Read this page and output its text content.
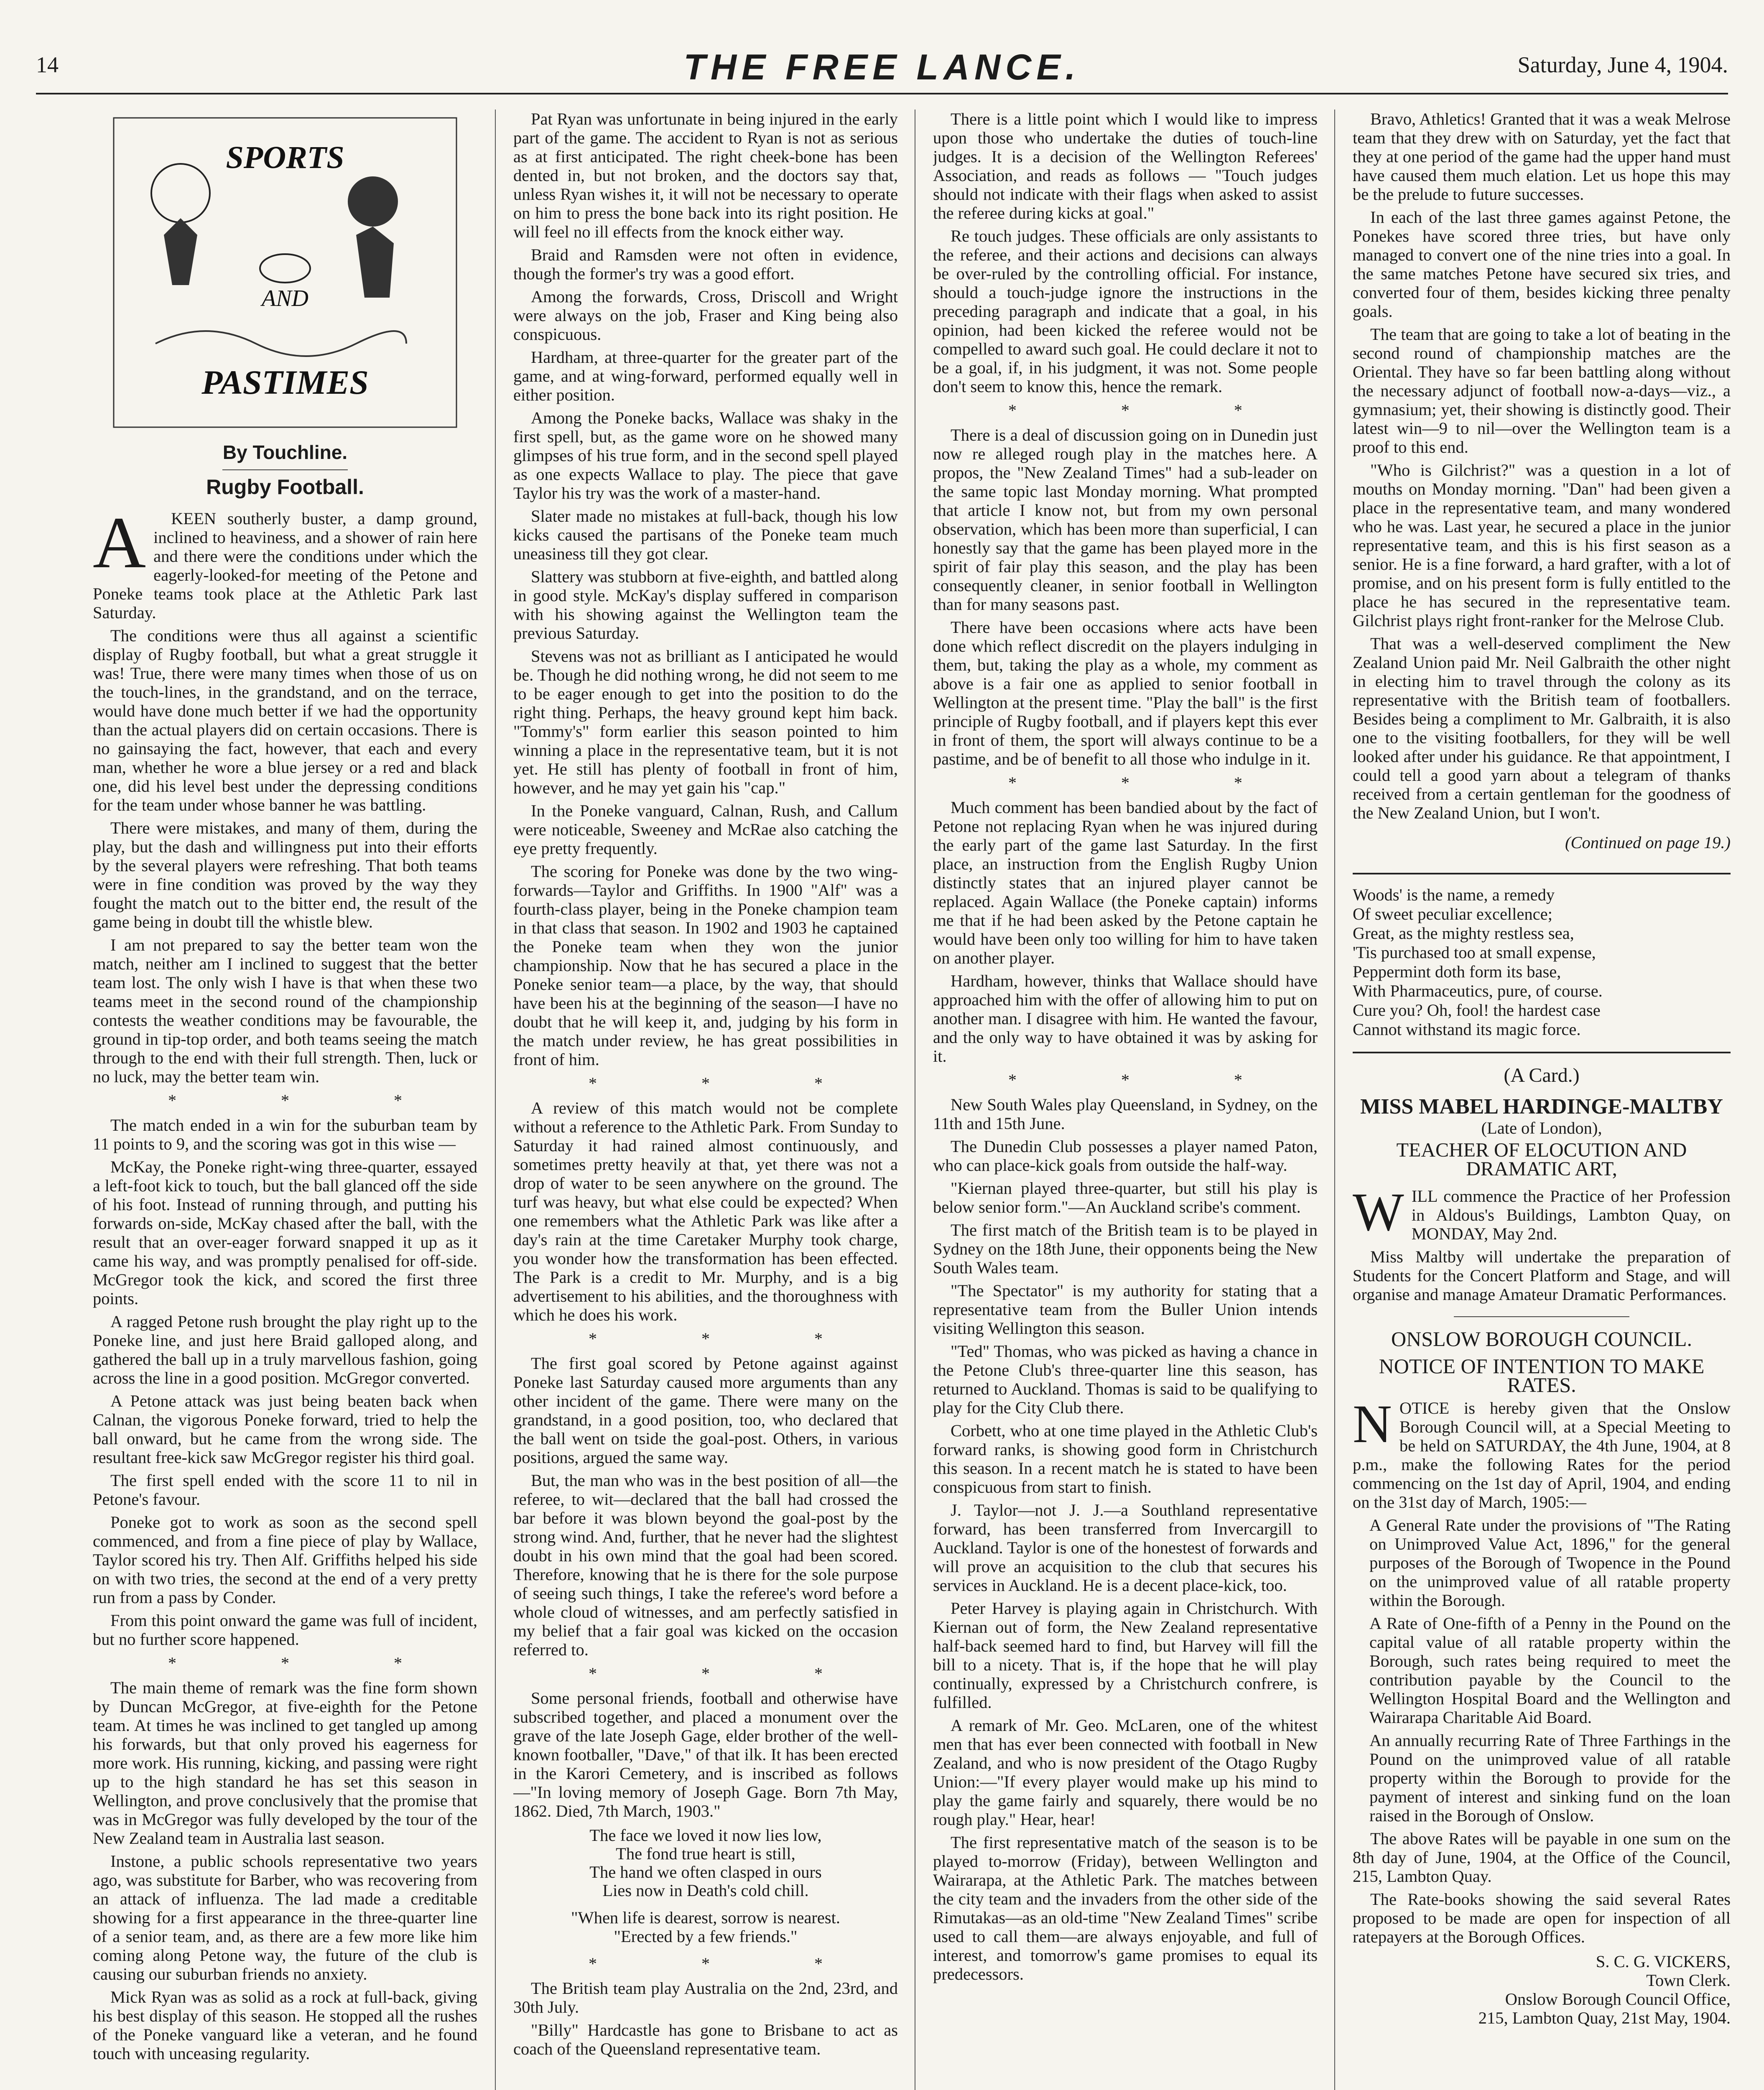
14	THE FREE LANCE.	Saturday, June 4, 1904.
SPORTS
AND
PASTIMES
By Touchline.
Rugby Football.
A	KEEN southerly buster, a damp ground, inclined to heaviness, and a shower of rain here and there were the conditions under which the eagerly-looked-for meeting of the Petone and Poneke teams took place at the Athletic Park last Saturday.

The conditions were thus all against a scientific display of Rugby football, but what a great struggle it was! True, there were many times when those of us on the touch-lines, in the grandstand, and on the terrace, would have done much better if we had the opportunity than the actual players did on certain occasions. There is no gainsaying the fact, however, that each and every man, whether he wore a blue jersey or a red and black one, did his level best under the depressing conditions for the team under whose banner he was battling.

There were mistakes, and many of them, during the play, but the dash and willingness put into their efforts by the several players were refreshing. That both teams were in fine condition was proved by the way they fought the match out to the bitter end, the result of the game being in doubt till the whistle blew.

I am not prepared to say the better team won the match, neither am I inclined to suggest that the better team lost. The only wish I have is that when these two teams meet in the second round of the championship contests the weather conditions may be favourable, the ground in tip-top order, and both teams seeing the match through to the end with their full strength. Then, luck or no luck, may the better team win.

* * *

The match ended in a win for the suburban team by 11 points to 9, and the scoring was got in this wise —

McKay, the Poneke right-wing three-quarter, essayed a left-foot kick to touch, but the ball glanced off the side of his foot. Instead of running through, and putting his forwards on-side, McKay chased after the ball, with the result that an over-eager forward snapped it up as it came his way, and was promptly penalised for off-side. McGregor took the kick, and scored the first three points.

A ragged Petone rush brought the play right up to the Poneke line, and just here Braid galloped along, and gathered the ball up in a truly marvellous fashion, going across the line in a good position. McGregor converted.

A Petone attack was just being beaten back when Calnan, the vigorous Poneke forward, tried to help the ball onward, but he came from the wrong side. The resultant free-kick saw McGregor register his third goal.

The first spell ended with the score 11 to nil in Petone's favour.

Poneke got to work as soon as the second spell commenced, and from a fine piece of play by Wallace, Taylor scored his try. Then Alf. Griffiths helped his side on with two tries, the second at the end of a very pretty run from a pass by Conder.

From this point onward the game was full of incident, but no further score happened.

* * *

The main theme of remark was the fine form shown by Duncan McGregor, at five-eighth for the Petone team. At times he was inclined to get tangled up among his forwards, but that only proved his eagerness for more work. His running, kicking, and passing were right up to the high standard he has set this season in Wellington, and prove conclusively that the promise that was in McGregor was fully developed by the tour of the New Zealand team in Australia last season.

Instone, a public schools representative two years ago, was substitute for Barber, who was recovering from an attack of influenza. The lad made a creditable showing for a first appearance in the three-quarter line of a senior team, and, as there are a few more like him coming along Petone way, the future of the club is causing our suburban friends no anxiety.

Mick Ryan was as solid as a rock at full-back, giving his best display of this season. He stopped all the rushes of the Poneke vanguard like a veteran, and he found touch with unceasing regularity.

Pat Ryan was unfortunate in being injured in the early part of the game. The accident to Ryan is not as serious as at first anticipated. The right cheek-bone has been dented in, but not broken, and the doctors say that, unless Ryan wishes it, it will not be necessary to operate on him to press the bone back into its right position. He will feel no ill effects from the knock either way.

Braid and Ramsden were not often in evidence, though the former's try was a good effort.

Among the forwards, Cross, Driscoll and Wright were always on the job, Fraser and King being also conspicuous.

Hardham, at three-quarter for the greater part of the game, and at wing-forward, performed equally well in either position.

Among the Poneke backs, Wallace was shaky in the first spell, but, as the game wore on he showed many glimpses of his true form, and in the second spell played as one expects Wallace to play. The piece that gave Taylor his try was the work of a master-hand.

Slater made no mistakes at full-back, though his low kicks caused the partisans of the Poneke team much uneasiness till they got clear.

Slattery was stubborn at five-eighth, and battled along in good style. McKay's display suffered in comparison with his showing against the Wellington team the previous Saturday.

Stevens was not as brilliant as I anticipated he would be. Though he did nothing wrong, he did not seem to me to be eager enough to get into the position to do the right thing. Perhaps, the heavy ground kept him back. "Tommy's" form earlier this season pointed to him winning a place in the representative team, but it is not yet. He still has plenty of football in front of him, however, and he may yet gain his "cap."

In the Poneke vanguard, Calnan, Rush, and Callum were noticeable, Sweeney and McRae also catching the eye pretty frequently.

The scoring for Poneke was done by the two wing-forwards—Taylor and Griffiths. In 1900 "Alf" was a fourth-class player, being in the Poneke champion team in that class that season. In 1902 and 1903 he captained the Poneke team when they won the junior championship. Now that he has secured a place in the Poneke senior team—a place, by the way, that should have been his at the beginning of the season—I have no doubt that he will keep it, and, judging by his form in the match under review, he has great possibilities in front of him.

* * *

A review of this match would not be complete without a reference to the Athletic Park. From Sunday to Saturday it had rained almost continuously, and sometimes pretty heavily at that, yet there was not a drop of water to be seen anywhere on the ground. The turf was heavy, but what else could be expected? When one remembers what the Athletic Park was like after a day's rain at the time Caretaker Murphy took charge, you wonder how the transformation has been effected. The Park is a credit to Mr. Murphy, and is a big advertisement to his abilities, and the thoroughness with which he does his work.

* * *

The first goal scored by Petone against against Poneke last Saturday caused more arguments than any other incident of the game. There were many on the grandstand, in a good position, too, who declared that the ball went on tside the goal-post. Others, in various positions, argued the same way.

But, the man who was in the best position of all—the referee, to wit—declared that the ball had crossed the bar before it was blown beyond the goal-post by the strong wind. And, further, that he never had the slightest doubt in his own mind that the goal had been scored. Therefore, knowing that he is there for the sole purpose of seeing such things, I take the referee's word before a whole cloud of witnesses, and am perfectly satisfied in my belief that a fair goal was kicked on the occasion referred to.

* * *

Some personal friends, football and otherwise have subscribed together, and placed a monument over the grave of the late Joseph Gage, elder brother of the well-known footballer, "Dave," of that ilk. It has been erected in the Karori Cemetery, and is inscribed as follows —"In loving memory of Joseph Gage. Born 7th May, 1862. Died, 7th March, 1903."

The face we loved it now lies low,
The fond true heart is still,
The hand we often clasped in ours
Lies now in Death's cold chill.
"When life is dearest, sorrow is nearest.
"Erected by a few friends."
* * *

The British team play Australia on the 2nd, 23rd, and 30th July.

"Billy" Hardcastle has gone to Brisbane to act as coach of the Queensland representative team.

There is a little point which I would like to impress upon those who undertake the duties of touch-line judges. It is a decision of the Wellington Referees' Association, and reads as follows — "Touch judges should not indicate with their flags when asked to assist the referee during kicks at goal."

Re touch judges. These officials are only assistants to the referee, and their actions and decisions can always be over-ruled by the controlling official. For instance, should a touch-judge ignore the instructions in the preceding paragraph and indicate that a goal, in his opinion, had been kicked the referee would not be compelled to award such goal. He could declare it not to be a goal, if, in his judgment, it was not. Some people don't seem to know this, hence the remark.

* * *

There is a deal of discussion going on in Dunedin just now re alleged rough play in the matches here. A propos, the "New Zealand Times" had a sub-leader on the same topic last Monday morning. What prompted that article I know not, but from my own personal observation, which has been more than superficial, I can honestly say that the game has been played more in the spirit of fair play this season, and the play has been consequently cleaner, in senior football in Wellington than for many seasons past.

There have been occasions where acts have been done which reflect discredit on the players indulging in them, but, taking the play as a whole, my comment as above is a fair one as applied to senior football in Wellington at the present time. "Play the ball" is the first principle of Rugby football, and if players kept this ever in front of them, the sport will always continue to be a pastime, and be of benefit to all those who indulge in it.

* * *

Much comment has been bandied about by the fact of Petone not replacing Ryan when he was injured during the early part of the game last Saturday. In the first place, an instruction from the English Rugby Union distinctly states that an injured player cannot be replaced. Again Wallace (the Poneke captain) informs me that if he had been asked by the Petone captain he would have been only too willing for him to have taken on another player.

Hardham, however, thinks that Wallace should have approached him with the offer of allowing him to put on another man. I disagree with him. He wanted the favour, and the only way to have obtained it was by asking for it.

* * *

New South Wales play Queensland, in Sydney, on the 11th and 15th June.

The Dunedin Club possesses a player named Paton, who can place-kick goals from outside the half-way.

"Kiernan played three-quarter, but still his play is below senior form."—An Auckland scribe's comment.

The first match of the British team is to be played in Sydney on the 18th June, their opponents being the New South Wales team.

"The Spectator" is my authority for stating that a representative team from the Buller Union intends visiting Wellington this season.

"Ted" Thomas, who was picked as having a chance in the Petone Club's three-quarter line this season, has returned to Auckland. Thomas is said to be qualifying to play for the City Club there.

Corbett, who at one time played in the Athletic Club's forward ranks, is showing good form in Christchurch this season. In a recent match he is stated to have been conspicuous from start to finish.

J. Taylor—not J. J.—a Southland representative forward, has been transferred from Invercargill to Auckland. Taylor is one of the honestest of forwards and will prove an acquisition to the club that secures his services in Auckland. He is a decent place-kick, too.

Peter Harvey is playing again in Christchurch. With Kiernan out of form, the New Zealand representative half-back seemed hard to find, but Harvey will fill the bill to a nicety. That is, if the hope that he will play continually, expressed by a Christchurch confrere, is fulfilled.

A remark of Mr. Geo. McLaren, one of the whitest men that has ever been connected with football in New Zealand, and who is now president of the Otago Rugby Union:—"If every player would make up his mind to play the game fairly and squarely, there would be no rough play." Hear, hear!

The first representative match of the season is to be played to-morrow (Friday), between Wellington and Wairarapa, at the Athletic Park. The matches between the city team and the invaders from the other side of the Rimutakas—as an old-time "New Zealand Times" scribe used to call them—are always enjoyable, and full of interest, and tomorrow's game promises to equal its predecessors.

Bravo, Athletics! Granted that it was a weak Melrose team that they drew with on Saturday, yet the fact that they at one period of the game had the upper hand must have caused them much elation. Let us hope this may be the prelude to future successes.

In each of the last three games against Petone, the Ponekes have scored three tries, but have only managed to convert one of the nine tries into a goal. In the same matches Petone have secured six tries, and converted four of them, besides kicking three penalty goals.

The team that are going to take a lot of beating in the second round of championship matches are the Oriental. They have so far been battling along without the necessary adjunct of football now-a-days—viz., a gymnasium; yet, their showing is distinctly good. Their latest win—9 to nil—over the Wellington team is a proof to this end.

"Who is Gilchrist?" was a question in a lot of mouths on Monday morning. "Dan" had been given a place in the representative team, and many wondered who he was. Last year, he secured a place in the junior representative team, and this is his first season as a senior. He is a fine forward, a hard grafter, with a lot of promise, and on his present form is fully entitled to the place he has secured in the representative team. Gilchrist plays right front-ranker for the Melrose Club.

That was a well-deserved compliment the New Zealand Union paid Mr. Neil Galbraith the other night in electing him to travel through the colony as its representative with the British team of footballers. Besides being a compliment to Mr. Galbraith, it is also one to the visiting footballers, for they will be well looked after under his guidance. Re that appointment, I could tell a good yarn about a telegram of thanks received from a certain gentleman for the goodness of the New Zealand Union, but I won't.

(Continued on page 19.)
Woods' is the name, a remedy
Of sweet peculiar excellence;
Great, as the mighty restless sea,
'Tis purchased too at small expense,
Peppermint doth form its base,
With Pharmaceutics, pure, of course.
Cure you? Oh, fool! the hardest case
Cannot withstand its magic force.
(A Card.)
MISS MABEL HARDINGE-MALTBY
(Late of London),
TEACHER OF ELOCUTION AND DRAMATIC ART,
W ILL commence the Practice of her Profession in Aldous's Buildings, Lambton Quay, on MONDAY, May 2nd.

Miss Maltby will undertake the preparation of Students for the Concert Platform and Stage, and will organise and manage Amateur Dramatic Performances.

ONSLOW BOROUGH COUNCIL.
NOTICE OF INTENTION TO MAKE RATES.
N OTICE is hereby given that the Onslow Borough Council will, at a Special Meeting to be held on SATURDAY, the 4th June, 1904, at 8 p.m., make the following Rates for the period commencing on the 1st day of April, 1904, and ending on the 31st day of March, 1905:—

A General Rate under the provisions of "The Rating on Unimproved Value Act, 1896," for the general purposes of the Borough of Twopence in the Pound on the unimproved value of all ratable property within the Borough.

A Rate of One-fifth of a Penny in the Pound on the capital value of all ratable property within the Borough, such rates being required to meet the contribution payable by the Council to the Wellington Hospital Board and the Wellington and Wairarapa Charitable Aid Board.

An annually recurring Rate of Three Farthings in the Pound on the unimproved value of all ratable property within the Borough to provide for the payment of interest and sinking fund on the loan raised in the Borough of Onslow.

The above Rates will be payable in one sum on the 8th day of June, 1904, at the Office of the Council, 215, Lambton Quay.

The Rate-books showing the said several Rates proposed to be made are open for inspection of all ratepayers at the Borough Offices.

S. C. G. VICKERS,
Town Clerk.
Onslow Borough Council Office,
215, Lambton Quay, 21st May, 1904.
